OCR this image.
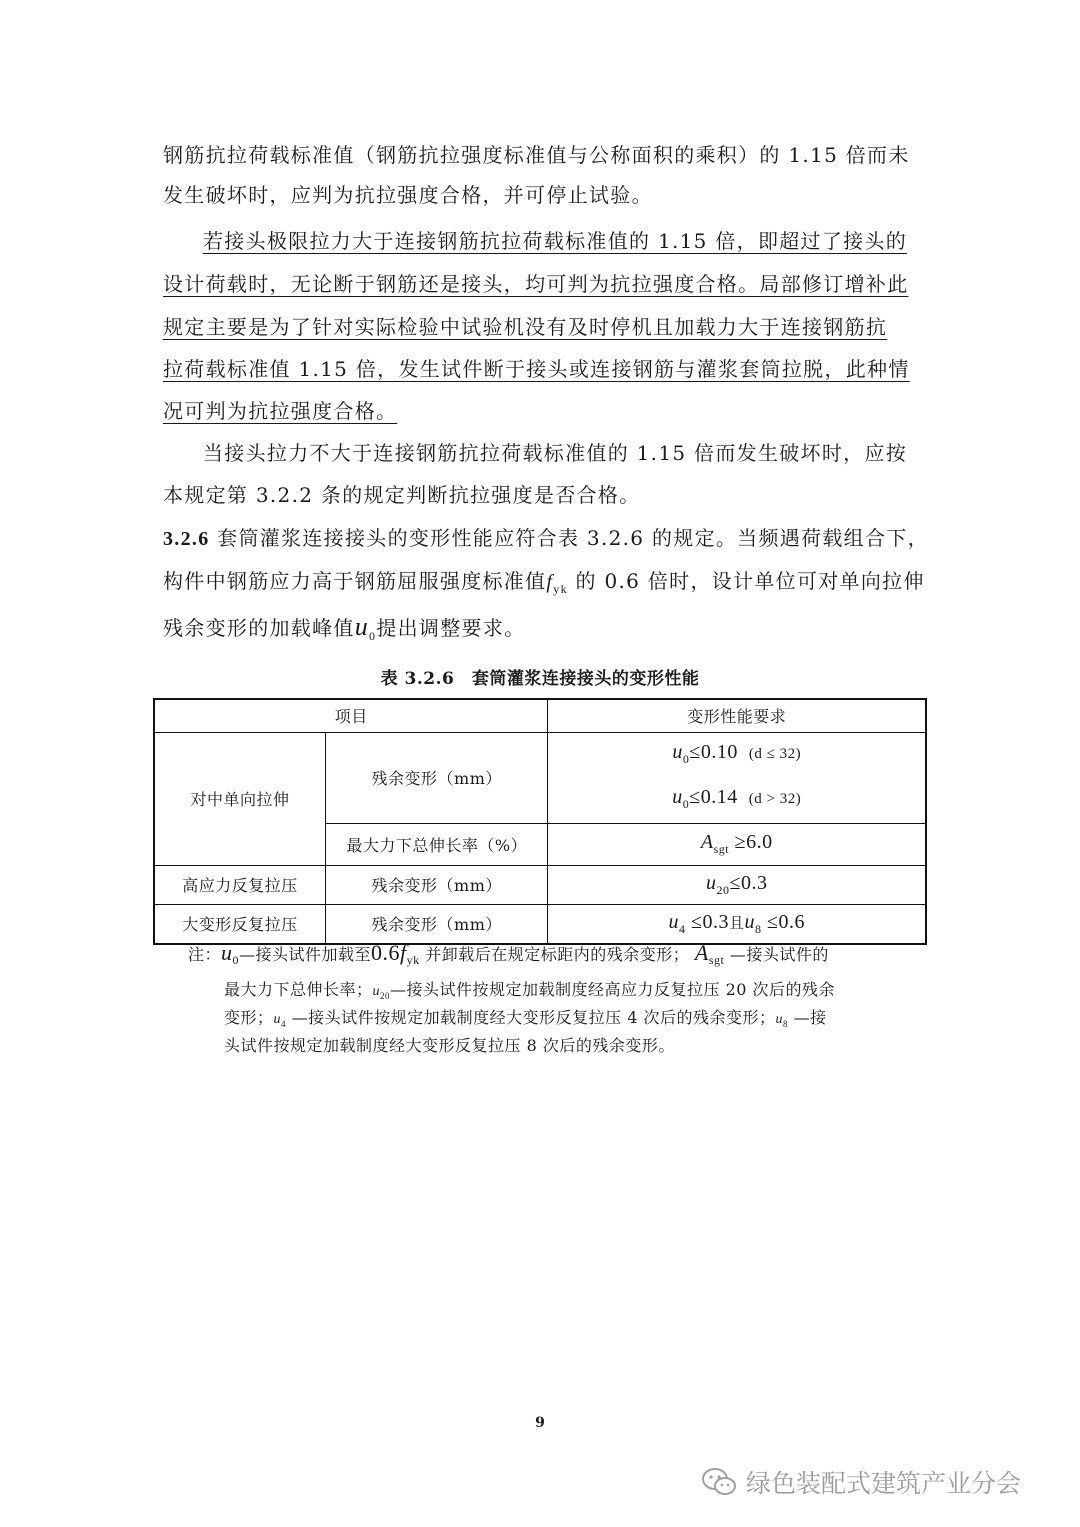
钢筋抗拉荷载标准值（钢筋抗拉强度标准值与公称面积的乘积）的 1.15 倍而未

发生破坏时，应判为抗拉强度合格，并可停止试验。

若接头极限拉力大于连接钢筋抗拉荷载标准值的 1.15 倍，即超过了接头的

设计荷载时，无论断于钢筋还是接头，均可判为抗拉强度合格。局部修订增补此

规定主要是为了针对实际检验中试验机没有及时停机且加载力大于连接钢筋抗

拉荷载标准值 1.15 倍，发生试件断于接头或连接钢筋与灌浆套筒拉脱，此种情

况可判为抗拉强度合格。

当接头拉力不大于连接钢筋抗拉荷载标准值的 1.15 倍而发生破坏时，应按

本规定第 3.2.2 条的规定判断抗拉强度是否合格。

3.2.6 套筒灌浆连接接头的变形性能应符合表 3.2.6 的规定。当频遇荷载组合下，

构件中钢筋应力高于钢筋屈服强度标准值$f_{yk}$ 的 0.6 倍时，设计单位可对单向拉伸

残余变形的加载峰值$u_0$提出调整要求。

表 3.2.6　套筒灌浆连接接头的变形性能
项目		变形性能要求
对中单向拉伸	残余变形（mm）	$u_0\le 0.10$ (d ≤ 32)
$u_0\le 0.14$ (d > 32)

	最大力下总伸长率（%）	$A_{sgt} \ge 6.0$
高应力反复拉压	残余变形（mm）	$u_{20}\le 0.3$
大变形反复拉压	残余变形（mm）	$u_4 \le 0.3$且$u_8 \le 0.6$

注：$u_0—$接头试件加载至$0.6f_{yk}$ 并卸载后在规定标距内的残余变形； $A_{sgt}$ —接头试件的

最大力下总伸长率；$u_{20}—$接头试件按规定加载制度经高应力反复拉压 20 次后的残余

变形；$u_4$ —接头试件按规定加载制度经大变形反复拉压 4 次后的残余变形；$u_8$ —接

头试件按规定加载制度经大变形反复拉压 8 次后的残余变形。

9
绿色装配式建筑产业分会
